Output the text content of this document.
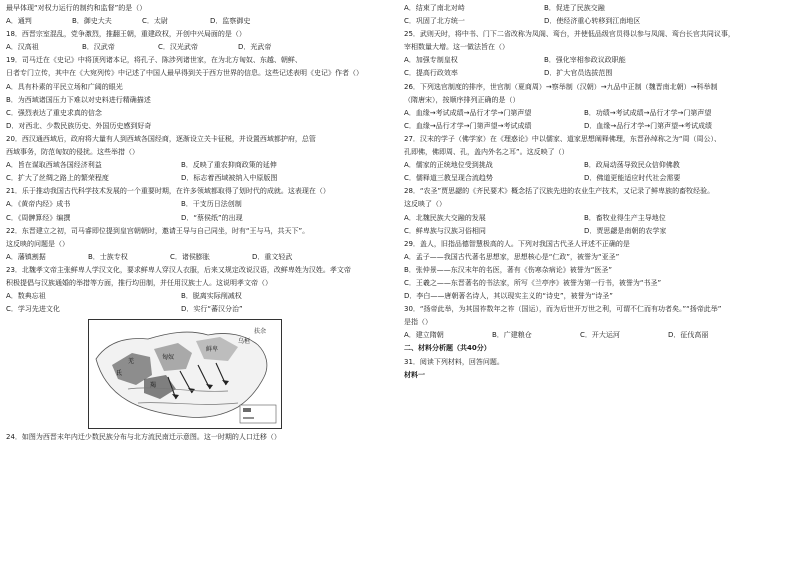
最早体现“对权力运行的制约和监督”的是（）
A．通判	B．御史大夫	C．太尉	D．监察御史
18．西晋宗室混乱，党争激烈，推翻王朝，重建政权，开创中兴局面的是（）
A．汉高祖	B．汉武帝	C．汉光武帝	D．光武帝
19．司马迁在《史记》中将顶列诸本记，将孔子、陈涉列诸世家，在为北方匈奴、东越、朝鲜、
日者专门立传，其中在《大宛列传》中记述了中国人最早得到关于西方世界的信息。这些记述表明《史记》作者（）
A．具有朴素的平民立场和广阔的眼光
B．为西域诸国压力下难以对史料进行精确描述
C．强烈表达了重史求真的信念
D．对西北、少数民族历史、外国历史感到好奇
20．西汉通西域后，政府将大量有人到西域各国经商，逐渐设立关卡征税，并设置西域都护府，总管
西域事务，防范匈奴的侵扰。这些举措（）
A．旨在谋取西域各国经济利益	B．反映了重农抑商政策的延伸
C．扩大了丝绸之路上的繁荣程度	D．标志着西域被纳入中原版图
21．乐于推动我国古代科学技术发展的一个重要时期，在许多领域都取得了划时代的成就。这表现在（）
A．《黄帝内经》成书	B．干支历日法创制
C．《周髀算经》编撰	D．“蔡侯纸”的出现
22．东晋建立之初，司马睿即位提到皇宫朝朝时，邀请王导与自己同坐，时有“王与马，共天下”。
这反映的问题是（）
A．藩镇割据	B．士族专权	C．诸侯膨胀	D．重文轻武
23．北魏孝文帝主张鲜卑人学汉文化，要求鲜卑人穿汉人衣服，后来又规定改说汉语，改鲜卑姓为汉姓。孝文帝
积极提倡与汉族通婚的举措等方面，推行均田制，并任用汉族士人。这说明孝文帝（）
A．数典忘祖	B．脱离实际削减权
C．学习先进文化	D．实行“蕃汉分治”
氐
羌
匈奴
鲜卑
羯
乌桓
扶余
24．如图为西晋末年内迁少数民族分布与北方流民南迁示意图。这一时期的人口迁移（）
A．结束了南北对峙	B．促进了民族交融
C．巩固了北方统一	D．使经济重心转移到江南地区
25．武则天时，将中书、门下二省改称为凤阁、鸾台，并使低品级官员得以参与凤阁、鸾台长官共同议事，
宰相数量大增。这一做法旨在（）
A．加强专制皇权	B．强化宰相参政议政职能
C．提高行政效率	D．扩大官员选拔范围
26．下列选官制度的排序，世官制（夏商周）→察举制（汉朝）→九品中正制（魏晋南北朝）→科举制
（隋唐宋），按顺序排列正确的是（）
A．血缘→考试成绩→品行才学→门第声望	B．功绩→考试成绩→品行才学→门第声望
C．血缘→品行才学→门第声望→考试成绩	D．血缘→品行才学→门第声望→考试成绩
27．汉末的学子（佛学家）在《理惑论》中以儒家、道家思想阐释佛理，东晋孙绰称之为“周（周公）、
孔即佛，佛即周、孔，盖内外名之耳”。这反映了（）
A．儒家的正统地位受到挑战	B．政局动荡导致民众信仰佛教
C．儒释道三教呈现合流趋势	D．佛道更能适应时代社会需要
28．“农圣”贾思勰的《齐民要术》概念括了汉族先进的农业生产技术，又记录了鲜卑族的畜牧经验。
这反映了（）
A．北魏民族大交融的发展	B．畜牧业得生产主导地位
C．鲜卑族与汉族习俗相同	D．贾思勰是南朝的农学家
29．盖人，旧指品德智慧极高的人。下列对我国古代圣人评述不正确的是
A．孟子——我国古代著名思想家，思想核心是“仁政”，被誉为“亚圣”
B．张仲景——东汉末年的名医，著有《伤寒杂病论》被誉为“医圣”
C．王羲之——东晋著名的书法家，所写《兰亭序》被誉为第一行书，被誉为“书圣”
D．李白——唐朝著名诗人，其以现实主义的“诗史”，被誉为“诗圣”
30．“扬帝此举，为其国祚数年之祚（国运），而为后世开万世之利，可谓不仁而有功者矣。”“扬帝此举”
是指（）
A．建立隋朝	B．广建粮仓	C．开大运河	D．征伐高丽
二、材料分析题（共40分）
31．阅读下列材料，回答问题。
材料一
